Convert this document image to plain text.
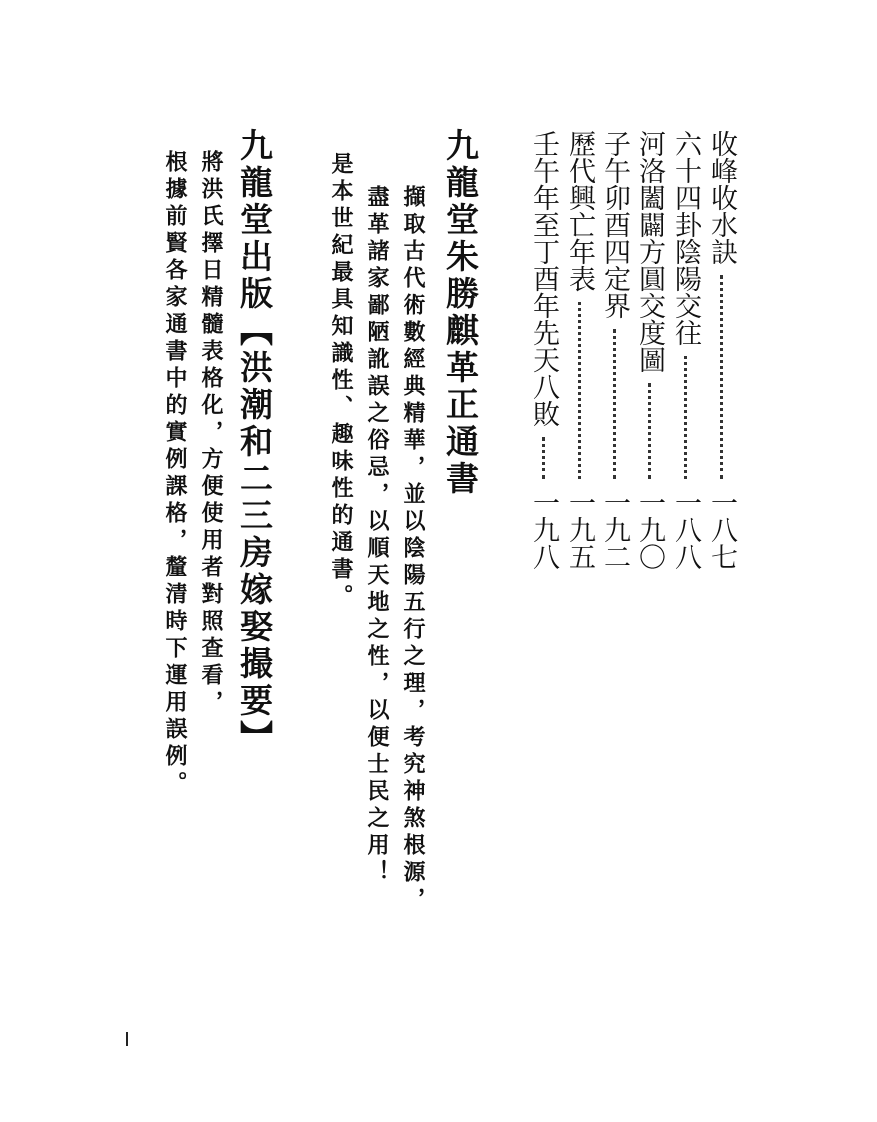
收峰收水訣
一八七
六十四卦陰陽交往
一八八
河洛闔闢方圓交度圖
一九〇
子午卯酉四定界
一九二
歷代興亡年表
一九五
壬午年至丁酉年先天八敗
一九八
九龍堂朱勝麒革正通書
擷取古代術數經典精華，並以陰陽五行之理，考究神煞根源，
盡革諸家鄙陋訛誤之俗忌，以順天地之性，以便士民之用！
是本世紀最具知識性、趣味性的通書。
九龍堂出版【洪潮和二三房嫁娶撮要】
將洪氏擇日精髓表格化，方便使用者對照查看，
根據前賢各家通書中的實例課格，釐清時下運用誤例。
